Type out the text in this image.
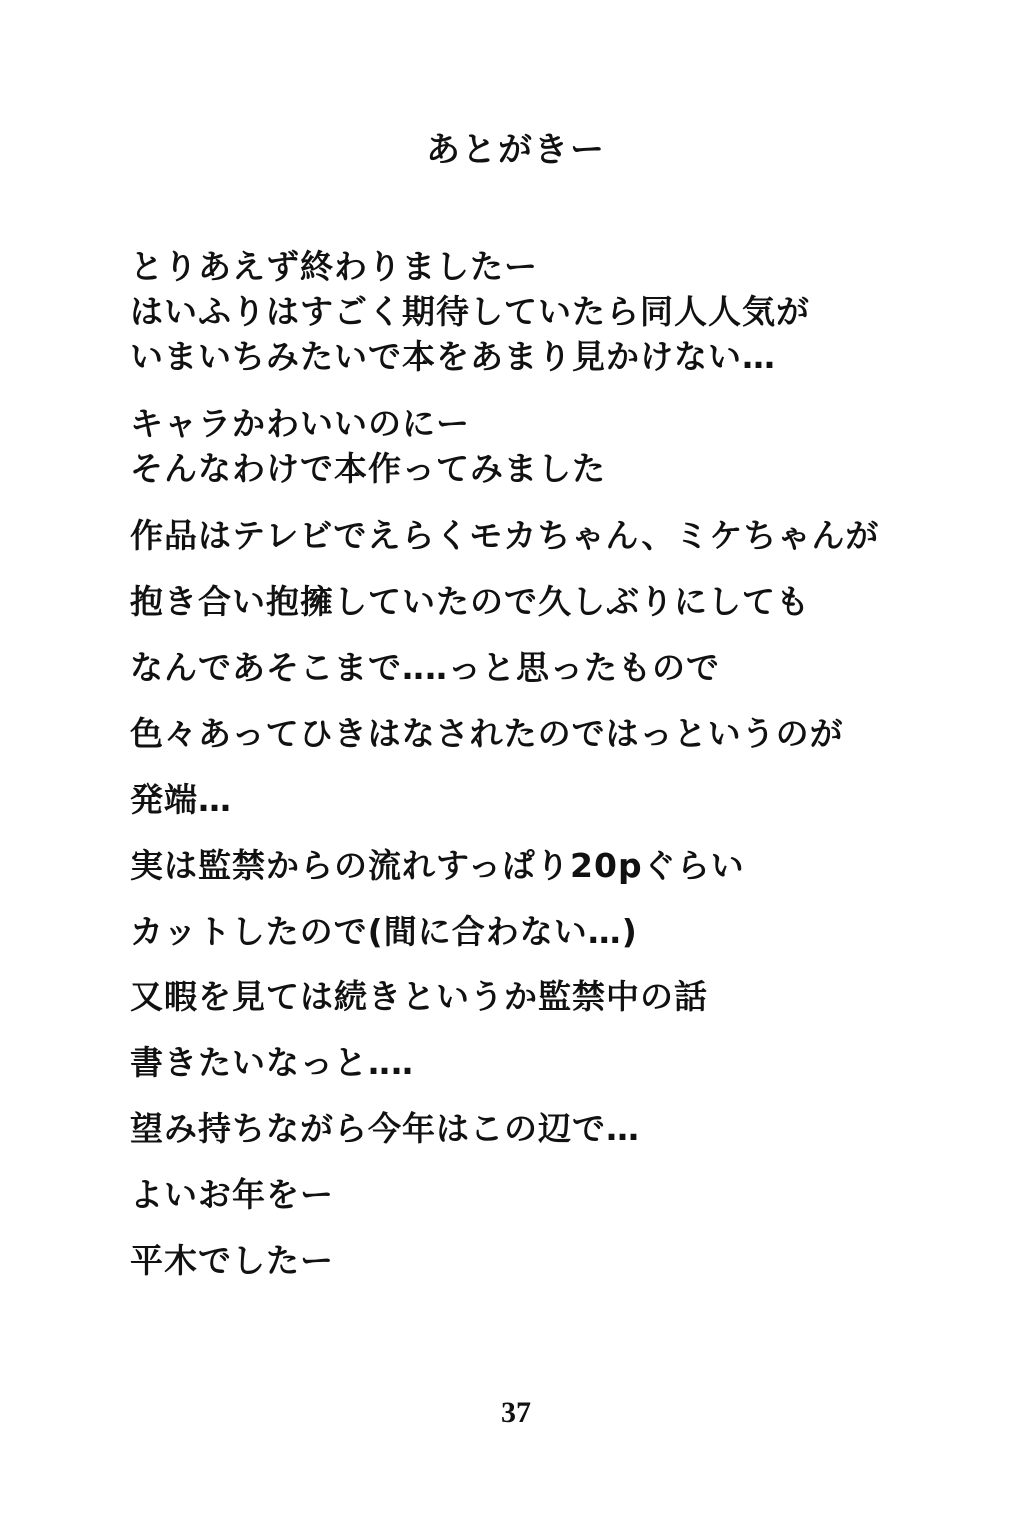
あとがきー
とりあえず終わりましたー
はいふりはすごく期待していたら同人人気が
いまいちみたいで本をあまり見かけない…
キャラかわいいのにー
そんなわけで本作ってみました
作品はテレビでえらくモカちゃん、ミケちゃんが
抱き合い抱擁していたので久しぶりにしても
なんであそこまで‥‥っと思ったもので
色々あってひきはなされたのではっというのが
発端…
実は監禁からの流れすっぱり20pぐらい
カットしたので(間に合わない…)
又暇を見ては続きというか監禁中の話
書きたいなっと‥‥
望み持ちながら今年はこの辺で…
よいお年をー
平木でしたー
37
